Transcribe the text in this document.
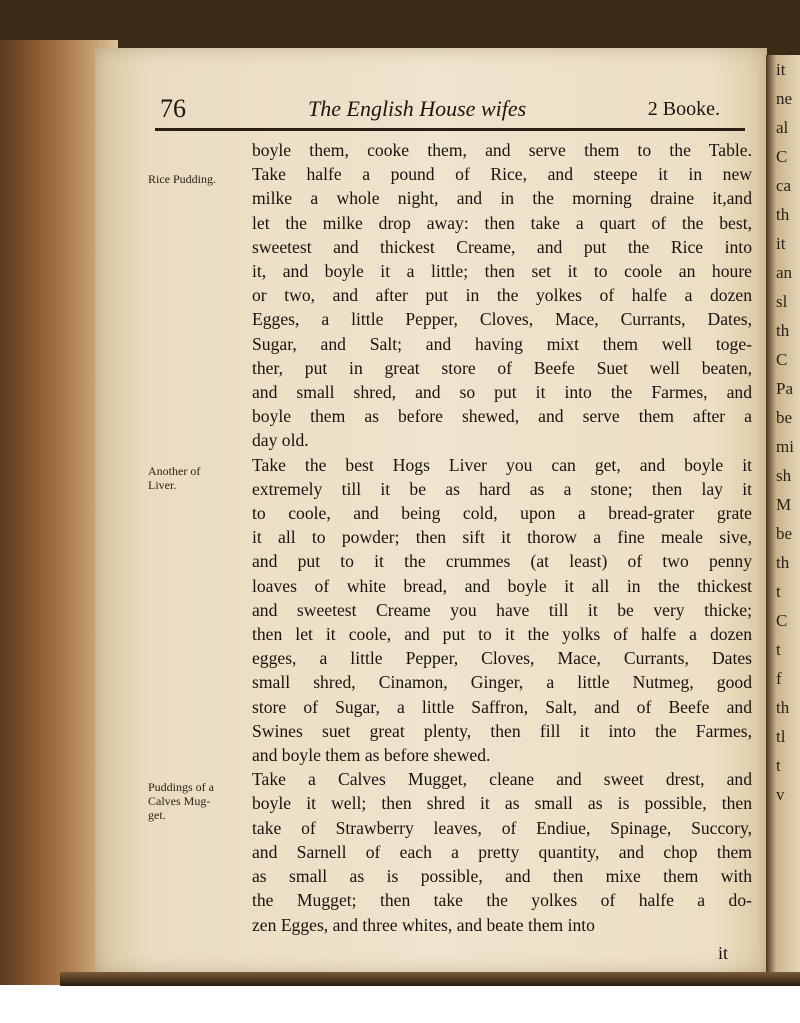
it
ne
al
C
ca
th
it
an
sl
th
C
Pa
be
mi
sh
M
be
th
t
C
t
f
th
tl
t
v
76	The English House wifes	2 Booke.
Rice Pudding.
Another of
Liver.
Puddings of a
Calves Mug-
get.
boyle them, cooke them, and serve them to the Table.
Take halfe a pound of Rice, and steepe it in new
milke a whole night, and in the morning draine it,and
let the milke drop away: then take a quart of the best,
sweetest and thickest Creame, and put the Rice into
it, and boyle it a little; then set it to coole an houre
or two, and after put in the yolkes of halfe a dozen
Egges, a little Pepper, Cloves, Mace, Currants, Dates,
Sugar, and Salt; and having mixt them well toge-
ther, put in great store of Beefe Suet well beaten,
and small shred, and so put it into the Farmes, and
boyle them as before shewed, and serve them after a
day old.
Take the best Hogs Liver you can get, and boyle it
extremely till it be as hard as a stone; then lay it
to coole, and being cold, upon a bread-grater grate
it all to powder; then sift it thorow a fine meale sive,
and put to it the crummes (at least) of two penny
loaves of white bread, and boyle it all in the thickest
and sweetest Creame you have till it be very thicke;
then let it coole, and put to it the yolks of halfe a dozen
egges, a little Pepper, Cloves, Mace, Currants, Dates
small shred, Cinamon, Ginger, a little Nutmeg, good
store of Sugar, a little Saffron, Salt, and of Beefe and
Swines suet great plenty, then fill it into the Farmes,
and boyle them as before shewed.
Take a Calves Mugget, cleane and sweet drest, and
boyle it well; then shred it as small as is possible, then
take of Strawberry leaves, of Endiue, Spinage, Succory,
and Sarnell of each a pretty quantity, and chop them
as small as is possible, and then mixe them with
the Mugget; then take the yolkes of halfe a do-
zen Egges, and three whites, and beate them into
it
